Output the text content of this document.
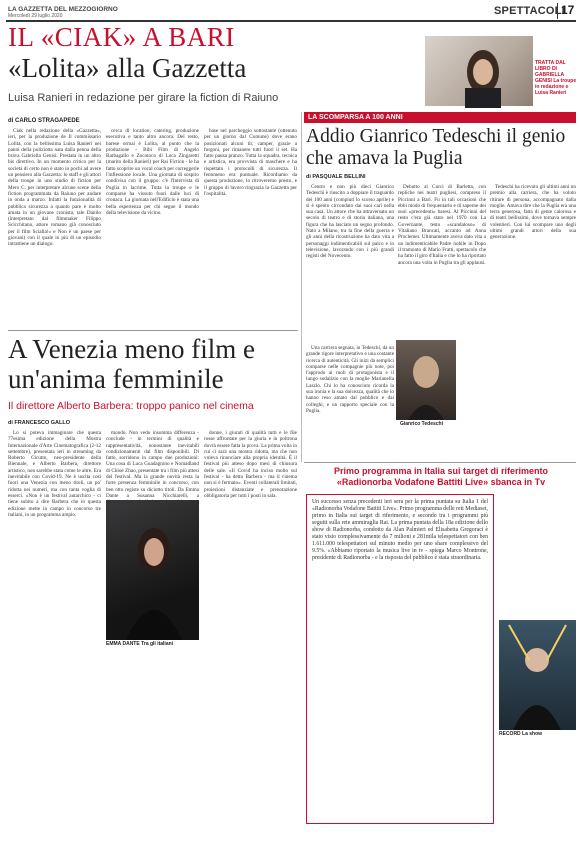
LA GAZZETTA DEL MEZZOGIORNO
Mercoledì 29 luglio 2020	SPETTACOLI
17
IL «CIAK» A BARI
«Lolita» alla Gazzetta
Luisa Ranieri in redazione per girare la fiction di Raiuno
TRATTA DAL LIBRO DI GABRIELLA GENISI La troupe in redazione e Luisa Ranieri
di CARLO STRAGAPEDE

Ciak nella redazione della «Gazzetta», ieri, per la produzione de Il commissario Lolita, con la bellissima Luisa Ranieri nei panni della poliziotta nata dalla penna della brava Gabriella Genisi. Prestata in un altro bis direttivo. In un momento critico per la società di certo non è stato in pochi ad avere un pensiero alla Gazzetta: lo staff e gli attori della troupe in uno studio di fiction per Mero C. per interpretare alcune scene della fiction programmata da Raiuno per andare in onda a marzo. Infatti la funzionalità di pubblica sicurezza a quanto pare è molto amata in un giovane cronista, tale Danilo (interpretato dal filmmaker Filippo Scicchitano, attore romano già conosciuto per il film Scialla!» e Non è un paese per giovani) con il quale in più di un episodio intrattiene un dialogo.

cerca di location, catering, produzione esecutiva e tanto altro ancora. Del resto, barese ormai è Lolita, al punto che la produzione - Bibi Film di Angelo Barbagallo e Zocotoco di Luca Zingaretti (marito della Ranieri) per Rai Fiction - le ha fatto scoprire un vocal coach per correggerle l'inflessione locale. Una giornata di sospiro condivisa con il gruppo: c'è l'Intervista di Puglia in lacrime. Tutta la troupe e le comparse ha vissuto fuori dalle luci di cronaca. La giornata nell'Edificio è stata una bella esperienza per chi segue il mondo della televisione da vicino.

base nel parcheggio sottostante (ottenuto per un giorno dal Comune) dove erano posizionati alcuni tir, camper, grazie a furgoni, per rimanere tutti fuori il set. Ha fatto pausa pranzo. Tutta la squadra, tecnica e artistica, era provvista di maschere e ha rispettato i protocolli di sicurezza. Il fenomeno era puntuale. Ricordiamo da questa produzione, lo ritroveremo presto, e il gruppo di lavoro ringrazia la Gazzetta per l'ospitalità.

LA SCOMPARSA A 100 ANNI
Addio Gianrico Tedeschi il genio che amava la Puglia
di PASQUALE BELLINI

Centro e non più dieci Gianrico Tedeschi è riuscito a doppiare il traguardo dei 100 anni (compiuti lo scorso aprile) e si è spento circondato dai suoi cari nella sua casa. Un attore che ha attraversato un secolo di teatro e di storia italiana, una figura che ha lasciato un segno profondo. Nato a Milano, tra la fine della guerra e gli anni della ricostruzione ha dato vita a personaggi indimenticabili sul palco e in televisione, lavorando con i più grandi registi del Novecento.

Una carriera segnata, in Tedeschi, da un grande rigore interpretativo e una costante ricerca di autenticità. Gli inizi da semplici comparse nelle compagnie più note, poi l'approdo ai ruoli di protagonista e il lungo sodalizio con la moglie Marianella Laszlo. Chi lo ha conosciuto ricorda la sua ironia e la sua dolcezza, qualità che lo hanno reso amato dal pubblico e dai colleghi, e un rapporto speciale con la Puglia.

Gianrico Tedeschi

Debutto al Curci di Barletta, con repliche nei teatri pugliesi, compreso il Piccinni a Bari. Fu in tali occasioni che ebbi modo di frequentarlo e di saperne dei suoi «precedenti» baresi. Al Piccinni del resto c'era già stato nel 1970 con La Governante, testo «scandaloso» di Vitaliano Brancati, accanto ad Anna Proclemer. Ultimamente aveva dato vita a un indimenticabile Padre nobile in Dopo il tramonto di Mario Fratti, spettacolo che ha fatto il giro d'Italia e che lo ha riportato ancora una volta in Puglia tra gli applausi.

Tedeschi ha ricevuto gli ultimi anni un premio alla carriera, che ha voluto ritirare di persona, accompagnato dalla moglie. Amava dire che la Puglia era una terra generosa, fatta di gente calorosa e di teatri bellissimi, dove tornava sempre volentieri. Con lui scompare uno degli ultimi grandi attori della sua generazione.

A Venezia meno film e un'anima femminile
Il direttore Alberto Barbera: troppo panico nel cinema
di FRANCESCO GALLO

Lo si poteva immaginare che questa 77esima edizione della Mostra Internazionale d'Arte Cinematografica (2-12 settembre), presentata ieri in streaming da Roberto Cicutto, neo-presidente della Biennale, e Alberto Barbera, direttore artistico, non sarebbe stata come le altre. Era inevitabile con Covid-19. Ne è uscita così fuori una Venezia con meno titoli, un po' ridotta nei numeri, ma con tanta voglia di esserci. «Non è un festival autarchico - ci tiene subito a dire Barbera che in questa edizione mette in campo in concorso tre italiani, in un programma ampio.

EMMA DANTE Tra gli italiani

mondo. Non vedo insomma differenza - conclude - in termini di qualità e rappresentatività, nonostante inevitabili condizionamenti dal film disponibili. Di fatto, sorridono in campo due produzioni: Una cosa di Luca Guadagnino e Nomadland di Chloé Zhao, presentate tra i film più attesi del festival. Ma la grande novità resta la forte presenza femminile in concorso, con ben otto registe su diciotto titoli. Da Emma Dante a Susanna Nicchiarelli, a dimostrazione che il cinema è cambiato.

donne, i giurati di qualità tutti e le file rosse affrontate per la giuria e in poltrona dovrà essere fatta la prova. La prima volta in cui ci sarà una mostra ridotta, ma che non voleva rinunciare alla propria identità. È il festival più atteso dopo mesi di chiusura delle sale. «Il Covid ha inciso molto sul festival - ha detto Barbera - ma il cinema non si è fermato». Eventi collaterali limitati, proiezioni distanziate e prenotazione obbligatoria per tutti i posti in sala.

Primo programma in Italia sui target di riferimento «Radionorba Vodafone Battiti Live» sbanca in Tv
Un successo senza precedenti ieri sera per la prima puntata su Italia 1 del «Radionorba Vodafone Battiti Live». Primo programma delle reti Mediaset, primo in Italia sui target di riferimento, e secondo tra i programmi più seguiti sulla rete ammiraglia Rai. La prima puntata della 18a edizione dello show di Radionorba, condotto da Alan Palmieri ed Elisabetta Gregoraci è stato visto complessivamente da 7 milioni e 281mila telespettatori con ben 1.611.000 telespettatori sul minuto medio per uno share complessivo del 9.5%. «Abbiamo riportato la musica live in tv - spiega Marco Montrone, presidente di Radionorba - e la risposta del pubblico è stata straordinaria.
RECORD La show
